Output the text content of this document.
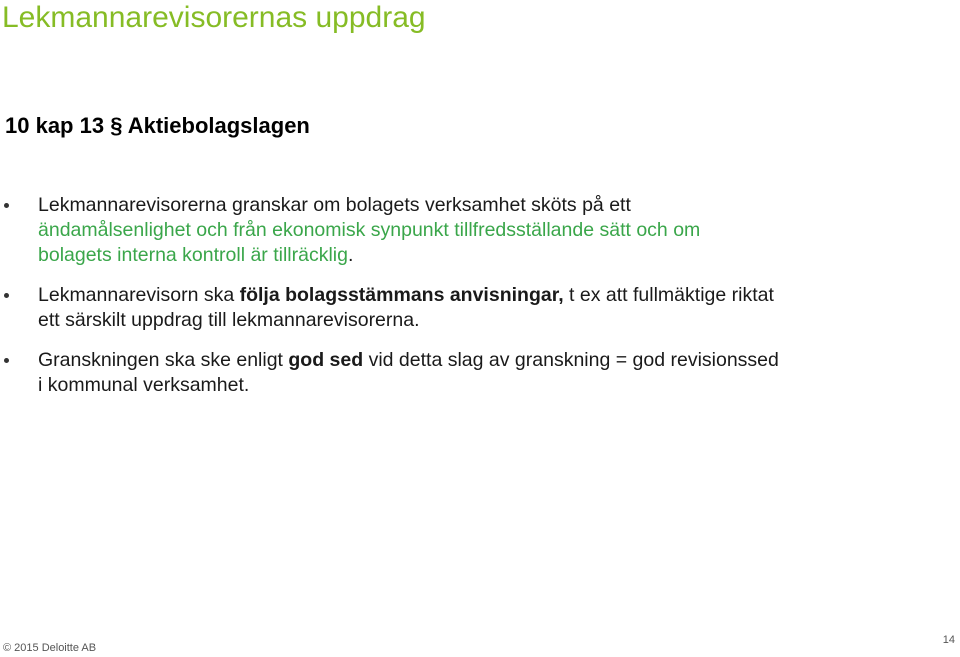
Lekmannarevisorernas uppdrag
10 kap 13 § Aktiebolagslagen
Lekmannarevisorerna granskar om bolagets verksamhet sköts på ett
ändamålsenlighet och från ekonomisk synpunkt tillfredsställande sätt och om
bolagets interna kontroll är tillräcklig.
Lekmannarevisorn ska följa bolagsstämmans anvisningar, t ex att fullmäktige riktat
ett särskilt uppdrag till lekmannarevisorerna.
Granskningen ska ske enligt god sed vid detta slag av granskning = god revisionssed
i kommunal verksamhet.
© 2015 Deloitte AB
14
